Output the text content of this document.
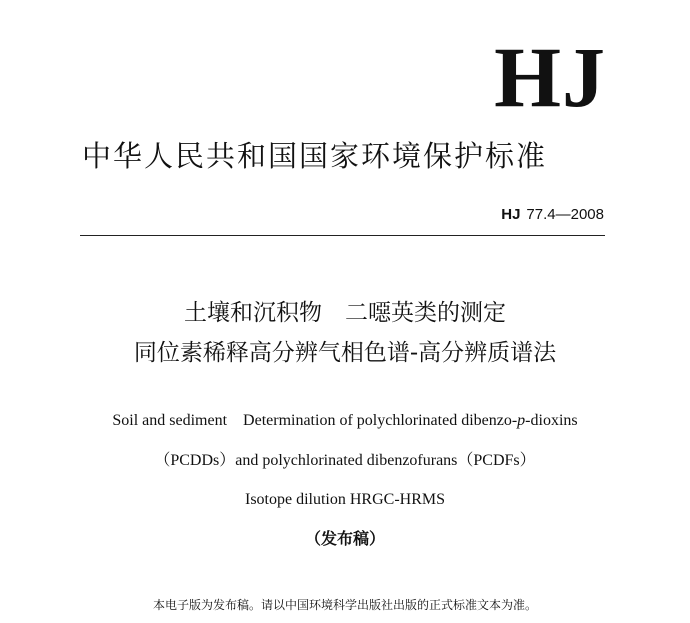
HJ
中华人民共和国国家环境保护标准
HJ 77.4—2008
土壤和沉积物　二噁英类的测定
同位素稀释高分辨气相色谱-高分辨质谱法
Soil and sediment　Determination of polychlorinated dibenzo-p-dioxins
（PCDDs）and polychlorinated dibenzofurans（PCDFs）
Isotope dilution HRGC-HRMS
（发布稿）
本电子版为发布稿。请以中国环境科学出版社出版的正式标准文本为准。
